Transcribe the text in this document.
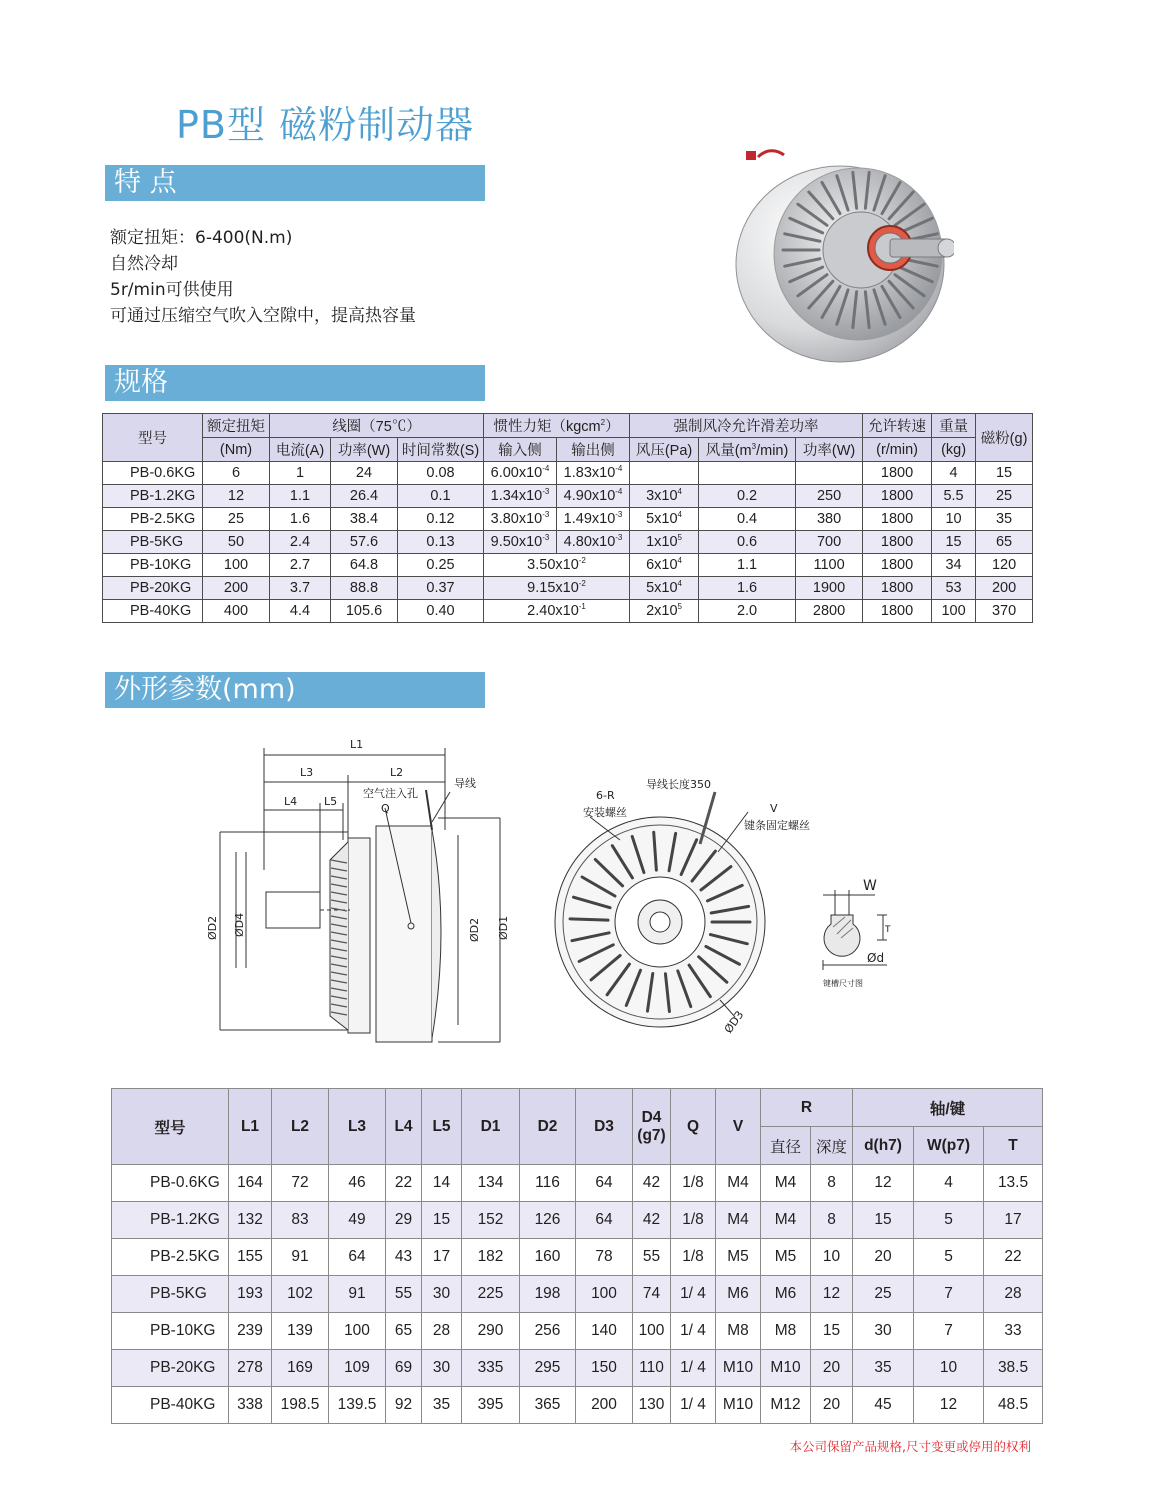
PB型 磁粉制动器
特 点
额定扭矩：6-400(N.m)
自然冷却
5r/min可供使用
可通过压缩空气吹入空隙中，提高热容量
规格
型号	额定扭矩	线圈（75℃）			惯性力矩（kgcm$^2$）		强制风冷允许滑差功率			允许转速	重量	磁粉(g)
	(Nm)	电流(A)	功率(W)	时间常数(S)	输入侧	输出侧	风压(Pa)	风量$(m^3/\min)$	功率(W)	(r/min)	(kg)	
PB-0.6KG	6	1	24	0.08	$6.00x10^{-4}$	$1.83x10^{-4}$				1800	4	15
PB-1.2KG	12	1.1	26.4	0.1	$1.34x10^{-3}$	$4.90x10^{-4}$	$3x10^4$	0.2	250	1800	5.5	25
PB-2.5KG	25	1.6	38.4	0.12	$3.80x10^{-3}$	$1.49x10^{-3}$	$5x10^4$	0.4	380	1800	10	35
PB-5KG	50	2.4	57.6	0.13	$9.50x10^{-3}$	$4.80x10^{-3}$	$1x10^5$	0.6	700	1800	15	65
PB-10KG	100	2.7	64.8	0.25	$3.50x10^{-2}$		$6x10^4$	1.1	1100	1800	34	120
PB-20KG	200	3.7	88.8	0.37	$9.15x10^{-2}$		$5x10^4$	1.6	1900	1800	53	200
PB-40KG	400	4.4	105.6	0.40	$2.40x10^{-1}$		$2x10^5$	2.0	2800	1800	100	370
外形参数(mm)
L1
L3	L2
L4 L5
空气注入孔
Q
导线
ØD2 ØD4	ØD2 ØD1
6-R
安装螺丝
导线长度350
V
键条固定螺丝
ØD3
W
T
Ød
键槽尺寸图
型号	L1	L2	L3	L4	L5	D1	D2	D3	D4
(g7)	Q	V	R		轴/键		
												直径	深度	d(h7)	W(p7)	T
PB-0.6KG	164	72	46	22	14	134	116	64	42	1/8	M4	M4	8	12	4	13.5
PB-1.2KG	132	83	49	29	15	152	126	64	42	1/8	M4	M4	8	15	5	17
PB-2.5KG	155	91	64	43	17	182	160	78	55	1/8	M5	M5	10	20	5	22
PB-5KG	193	102	91	55	30	225	198	100	74	1/ 4	M6	M6	12	25	7	28
PB-10KG	239	139	100	65	28	290	256	140	100	1/ 4	M8	M8	15	30	7	33
PB-20KG	278	169	109	69	30	335	295	150	110	1/ 4	M10	M10	20	35	10	38.5
PB-40KG	338	198.5	139.5	92	35	395	365	200	130	1/ 4	M10	M12	20	45	12	48.5
本公司保留产品规格,尺寸变更或停用的权利
